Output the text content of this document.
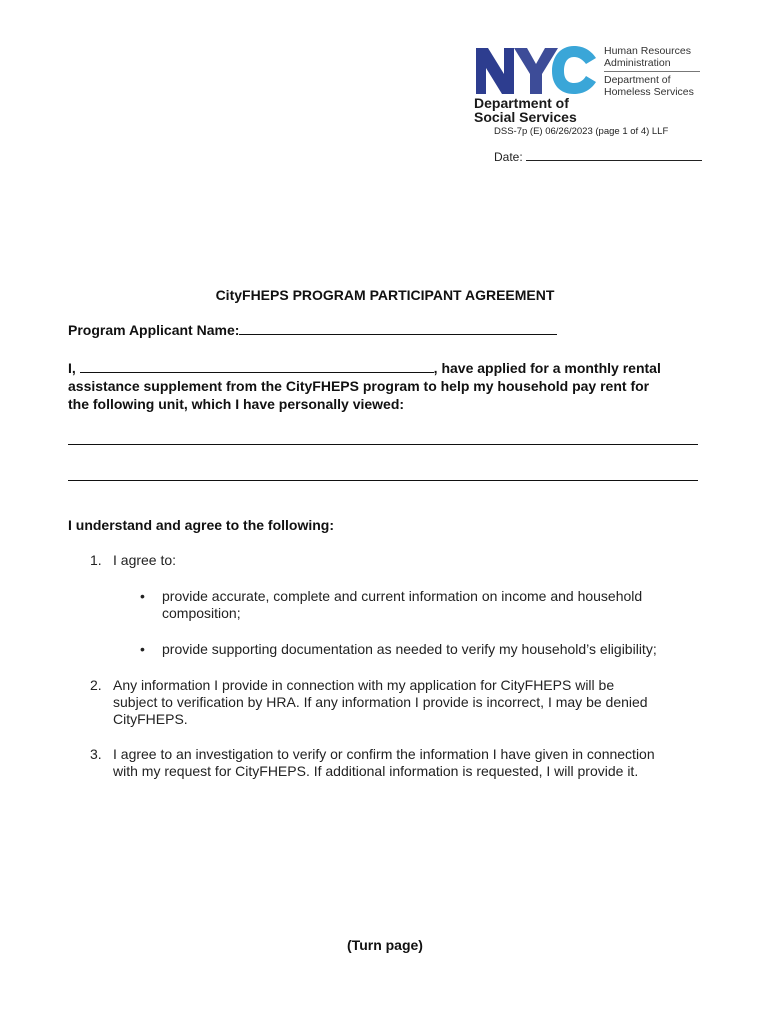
Human Resources
Administration
Department of
Homeless Services
Department of
Social Services
DSS-7p (E) 06/26/2023 (page 1 of 4) LLF
Date:
CityFHEPS PROGRAM PARTICIPANT AGREEMENT
Program Applicant Name:
I,	, have applied for a monthly rental
assistance supplement from the CityFHEPS program to help my household pay rent for
the following unit, which I have personally viewed:
I understand and agree to the following:
1. I agree to:
• provide accurate, complete and current information on income and household
composition;
• provide supporting documentation as needed to verify my household’s eligibility;
2. Any information I provide in connection with my application for CityFHEPS will be
subject to verification by HRA. If any information I provide is incorrect, I may be denied
CityFHEPS.
3. I agree to an investigation to verify or confirm the information I have given in connection
with my request for CityFHEPS. If additional information is requested, I will provide it.
(Turn page)
